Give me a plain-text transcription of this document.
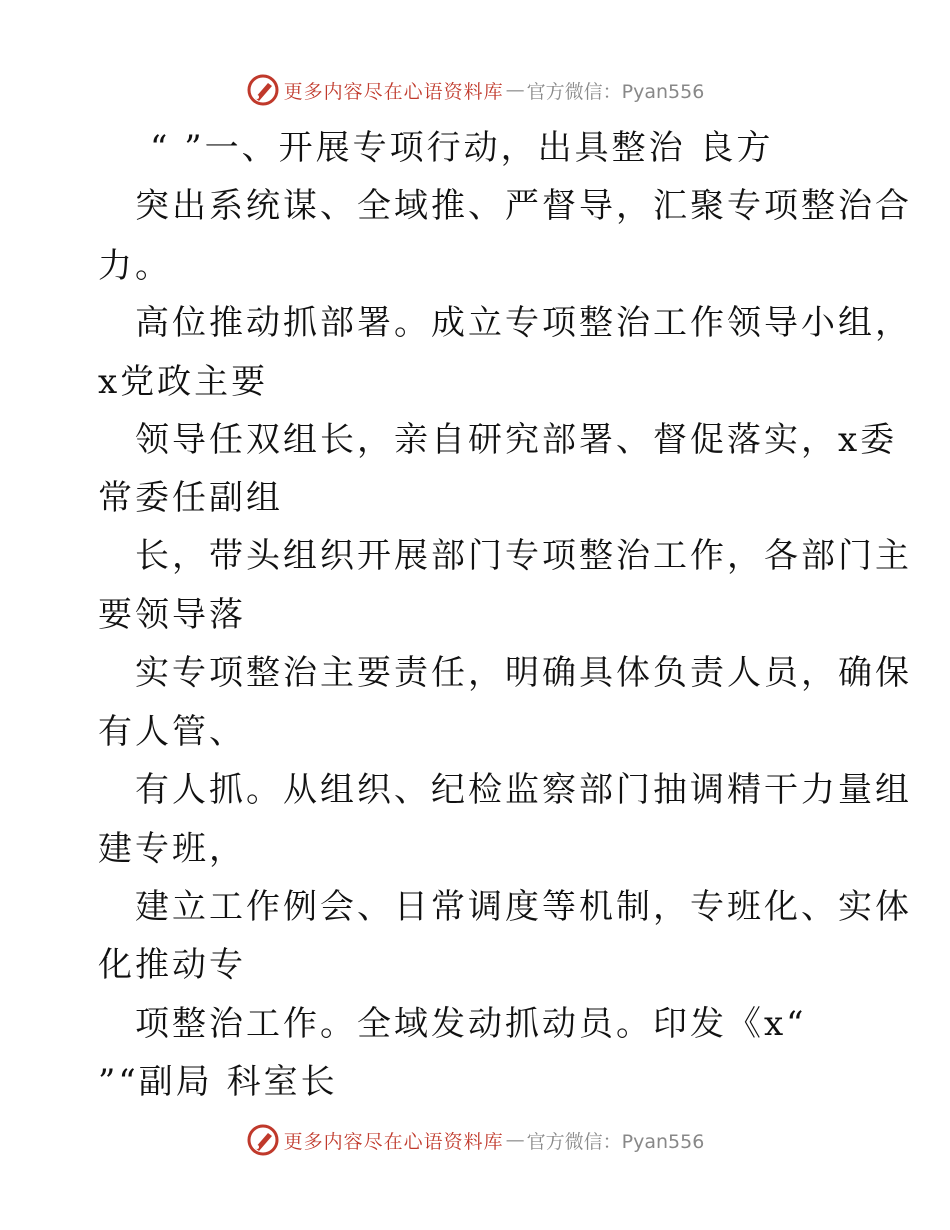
更多内容尽在心语资料库 — 官方微信：Pyan556
“ ”一、开展专项行动，出具整治 良方
突出系统谋、全域推、严督导，汇聚专项整治合
力。
高位推动抓部署。成立专项整治工作领导小组，
x党政主要
领导任双组长，亲自研究部署、督促落实，x委
常委任副组
长，带头组织开展部门专项整治工作，各部门主
要领导落
实专项整治主要责任，明确具体负责人员，确保
有人管、
有人抓。从组织、纪检监察部门抽调精干力量组
建专班，
建立工作例会、日常调度等机制，专班化、实体
化推动专
项整治工作。全域发动抓动员。印发《x“
”“副局 科室长
更多内容尽在心语资料库 — 官方微信：Pyan556
